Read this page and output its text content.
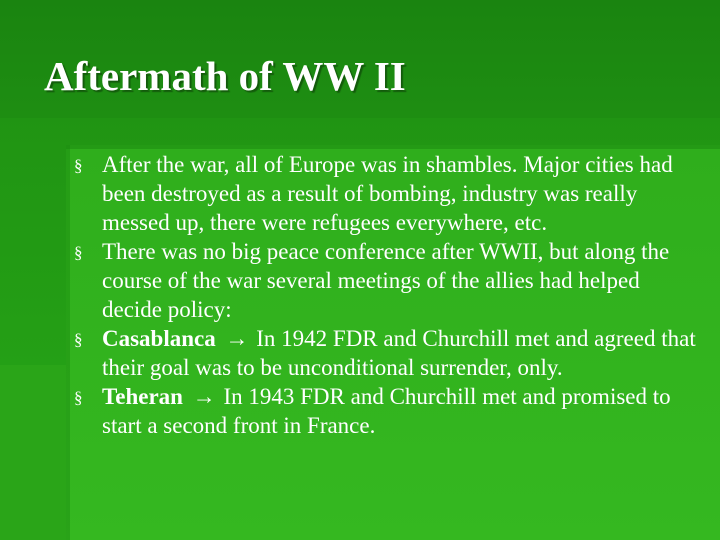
Aftermath of WW II
§ After the war, all of Europe was in shambles. Major cities had been destroyed as a result of bombing, industry was really messed up, there were refugees everywhere, etc.
§ There was no big peace conference after WWII, but along the course of the war several meetings of the allies had helped decide policy:
§ Casablanca → In 1942 FDR and Churchill met and agreed that their goal was to be unconditional surrender, only.
§ Teheran → In 1943 FDR and Churchill met and promised to start a second front in France.
